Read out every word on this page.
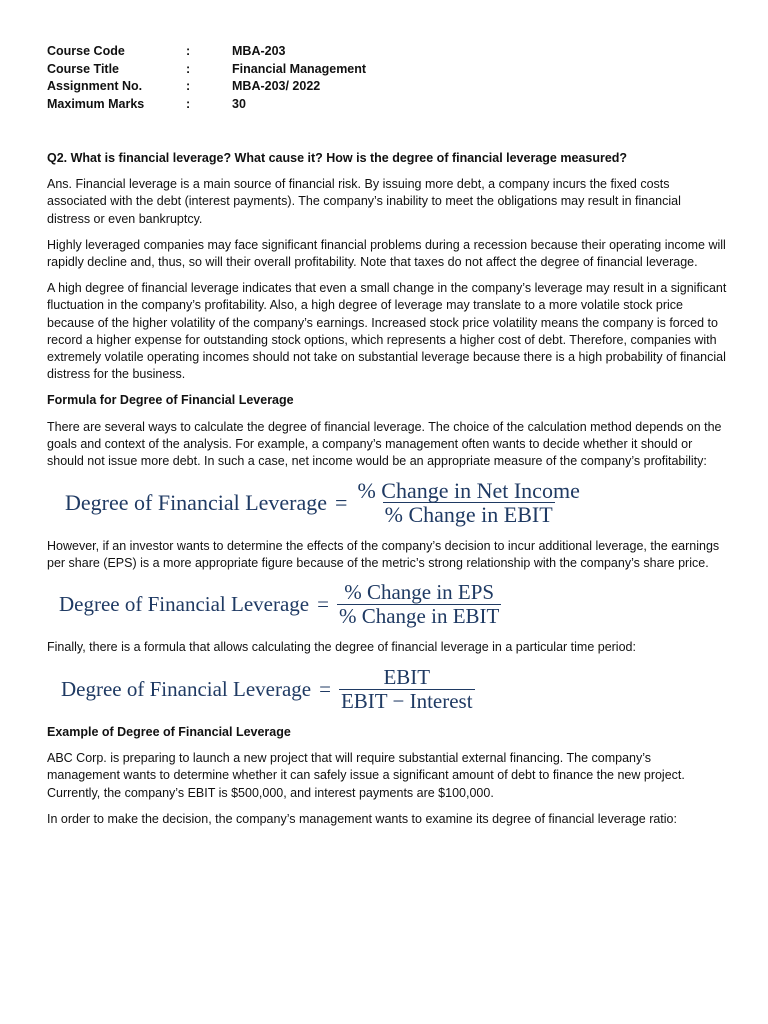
Course Code	:	MBA-203
Course Title	:	Financial Management
Assignment No.	:	MBA-203/ 2022
Maximum Marks	:	30

Q2. What is financial leverage? What cause it? How is the degree of financial leverage measured?

Ans. Financial leverage is a main source of financial risk. By issuing more debt, a company incurs the fixed costs associated with the debt (interest payments). The company’s inability to meet the obligations may result in financial distress or even bankruptcy.

Highly leveraged companies may face significant financial problems during a recession because their operating income will rapidly decline and, thus, so will their overall profitability. Note that taxes do not affect the degree of financial leverage.

A high degree of financial leverage indicates that even a small change in the company’s leverage may result in a significant fluctuation in the company’s profitability. Also, a high degree of leverage may translate to a more volatile stock price because of the higher volatility of the company’s earnings. Increased stock price volatility means the company is forced to record a higher expense for outstanding stock options, which represents a higher cost of debt. Therefore, companies with extremely volatile operating incomes should not take on substantial leverage because there is a high probability of financial distress for the business.

Formula for Degree of Financial Leverage

There are several ways to calculate the degree of financial leverage. The choice of the calculation method depends on the goals and context of the analysis. For example, a company’s management often wants to decide whether it should or should not issue more debt. In such a case, net income would be an appropriate measure of the company’s profitability:

Degree of Financial Leverage = $\frac{\text{\% Change in Net Income}}{\text{\% Change in EBIT}}$

However, if an investor wants to determine the effects of the company’s decision to incur additional leverage, the earnings per share (EPS) is a more appropriate figure because of the metric’s strong relationship with the company’s share price.

Degree of Financial Leverage = $\frac{\text{\% Change in EPS}}{\text{\% Change in EBIT}}$

Finally, there is a formula that allows calculating the degree of financial leverage in a particular time period:

Degree of Financial Leverage = $\frac{\text{EBIT}}{\text{EBIT − Interest}}$

Example of Degree of Financial Leverage

ABC Corp. is preparing to launch a new project that will require substantial external financing. The company’s management wants to determine whether it can safely issue a significant amount of debt to finance the new project. Currently, the company’s EBIT is $500,000, and interest payments are $100,000.

In order to make the decision, the company’s management wants to examine its degree of financial leverage ratio:
